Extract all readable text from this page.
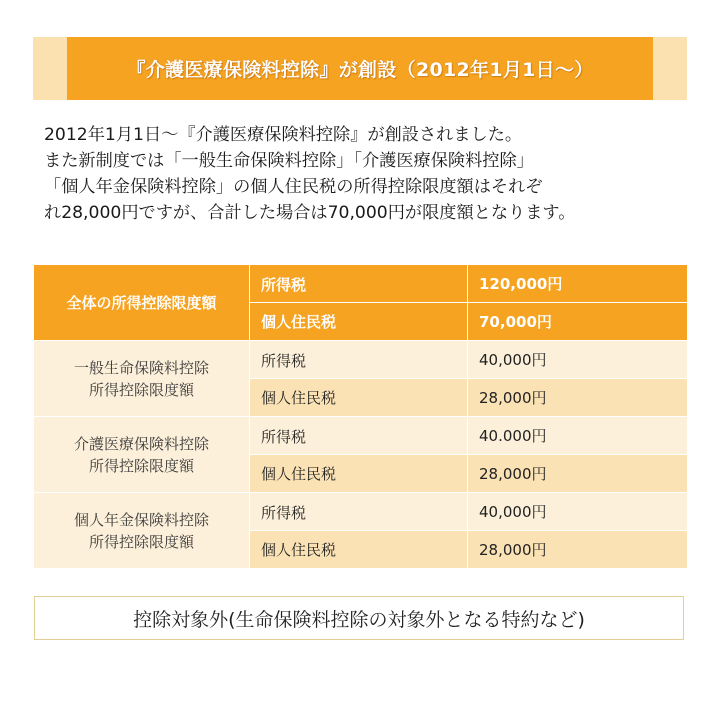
『介護医療保険料控除』が創設（2012年1月1日〜）

2012年1月1日〜『介護医療保険料控除』が創設されました。

また新制度では「一般生命保険料控除」「介護医療保険料控除」

「個人年金保険料控除」の個人住民税の所得控除限度額はそれぞ

れ28,000円ですが、合計した場合は70,000円が限度額となります。

全体の所得控除限度額	所得税	120,000円

	個人住民税	70,000円

一般生命保険料控除
所得控除限度額	所得税	40,000円

	個人住民税	28,000円

介護医療保険料控除
所得控除限度額	所得税	40.000円

	個人住民税	28,000円

個人年金保険料控除
所得控除限度額	所得税	40,000円

	個人住民税	28,000円
控除対象外(生命保険料控除の対象外となる特約など)
